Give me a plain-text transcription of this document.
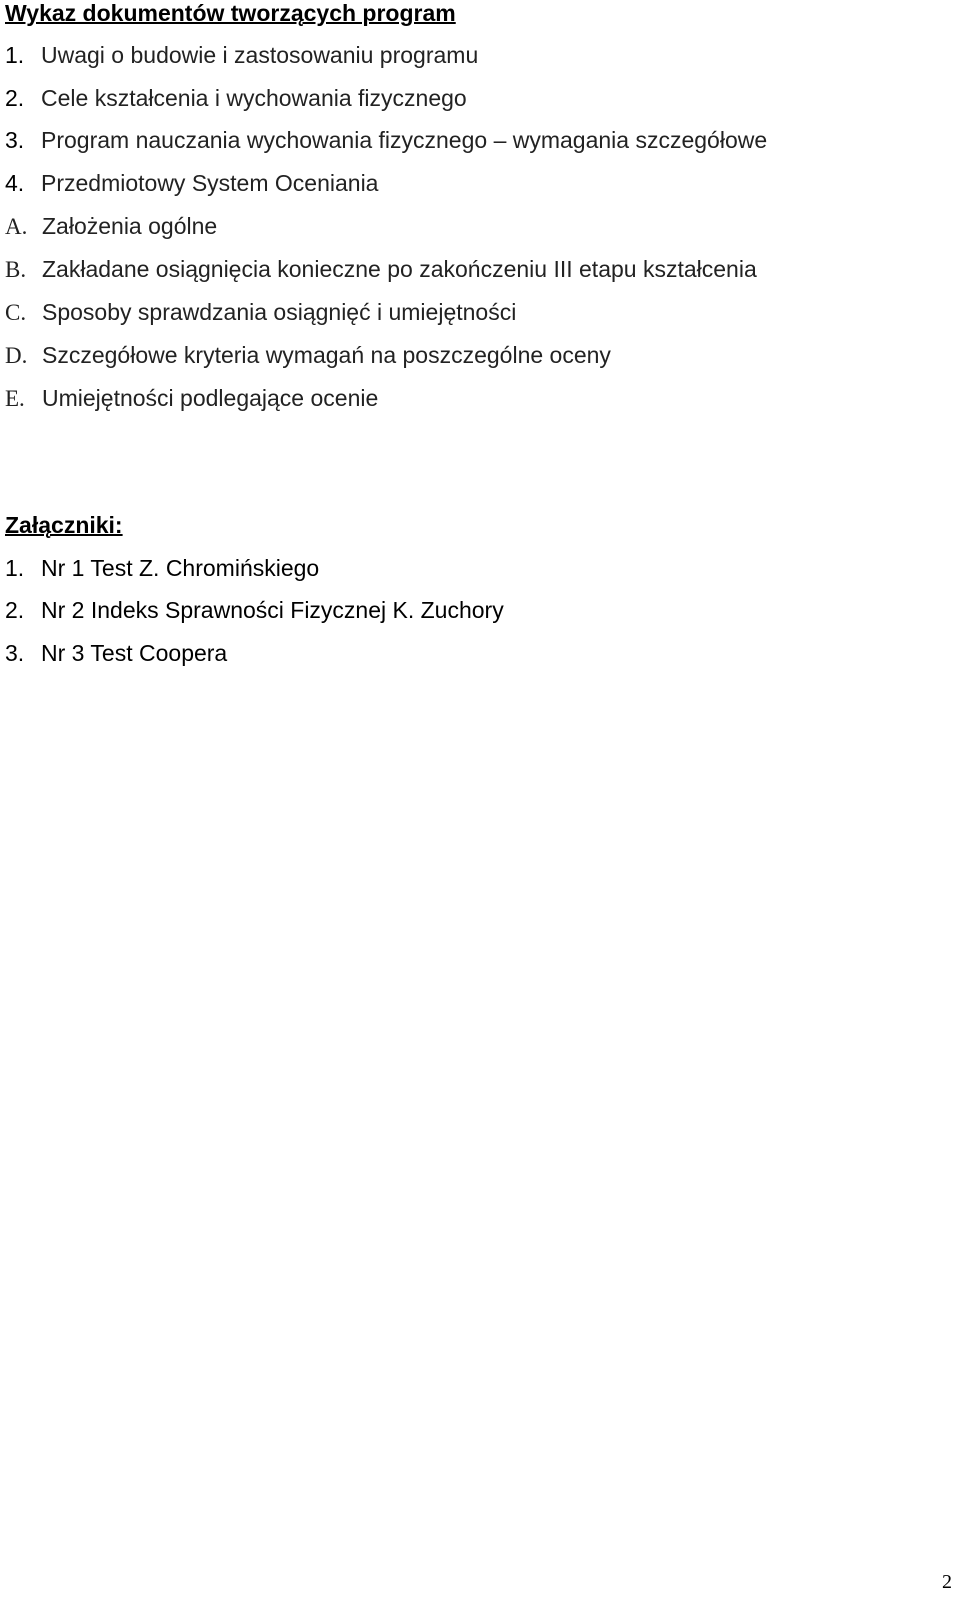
Wykaz dokumentów tworzących program
1. Uwagi o budowie i zastosowaniu programu
2. Cele kształcenia i wychowania fizycznego
3. Program nauczania wychowania fizycznego – wymagania szczegółowe
4. Przedmiotowy System Oceniania
A. Założenia ogólne
B. Zakładane osiągnięcia konieczne po zakończeniu III etapu kształcenia
C. Sposoby sprawdzania osiągnięć i umiejętności
D. Szczegółowe kryteria wymagań na poszczególne oceny
E. Umiejętności podlegające ocenie
Załączniki:
1. Nr 1 Test Z. Chromińskiego
2. Nr 2 Indeks Sprawności Fizycznej K. Zuchory
3. Nr 3 Test Coopera
2
